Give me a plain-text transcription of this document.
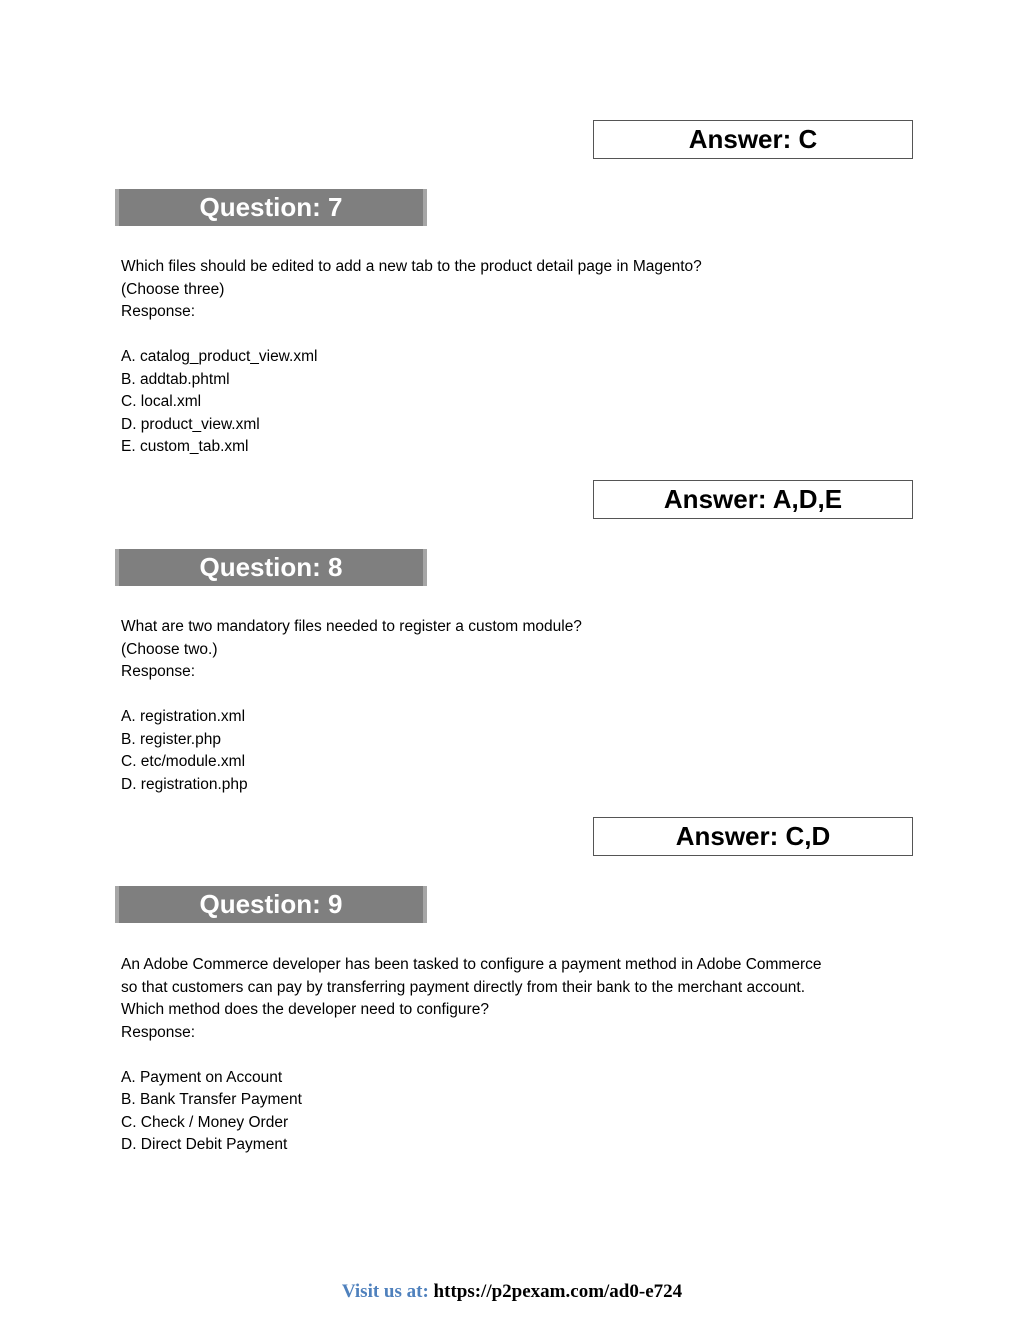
Answer: C
Question: 7
Which files should be edited to add a new tab to the product detail page in Magento?
(Choose three)
Response:
A. catalog_product_view.xml
B. addtab.phtml
C. local.xml
D. product_view.xml
E. custom_tab.xml
Answer: A,D,E
Question: 8
What are two mandatory files needed to register a custom module?
(Choose two.)
Response:
A. registration.xml
B. register.php
C. etc/module.xml
D. registration.php
Answer: C,D
Question: 9
An Adobe Commerce developer has been tasked to configure a payment method in Adobe Commerce
so that customers can pay by transferring payment directly from their bank to the merchant account.
Which method does the developer need to configure?
Response:
A. Payment on Account
B. Bank Transfer Payment
C. Check / Money Order
D. Direct Debit Payment
Visit us at: https://p2pexam.com/ad0-e724
